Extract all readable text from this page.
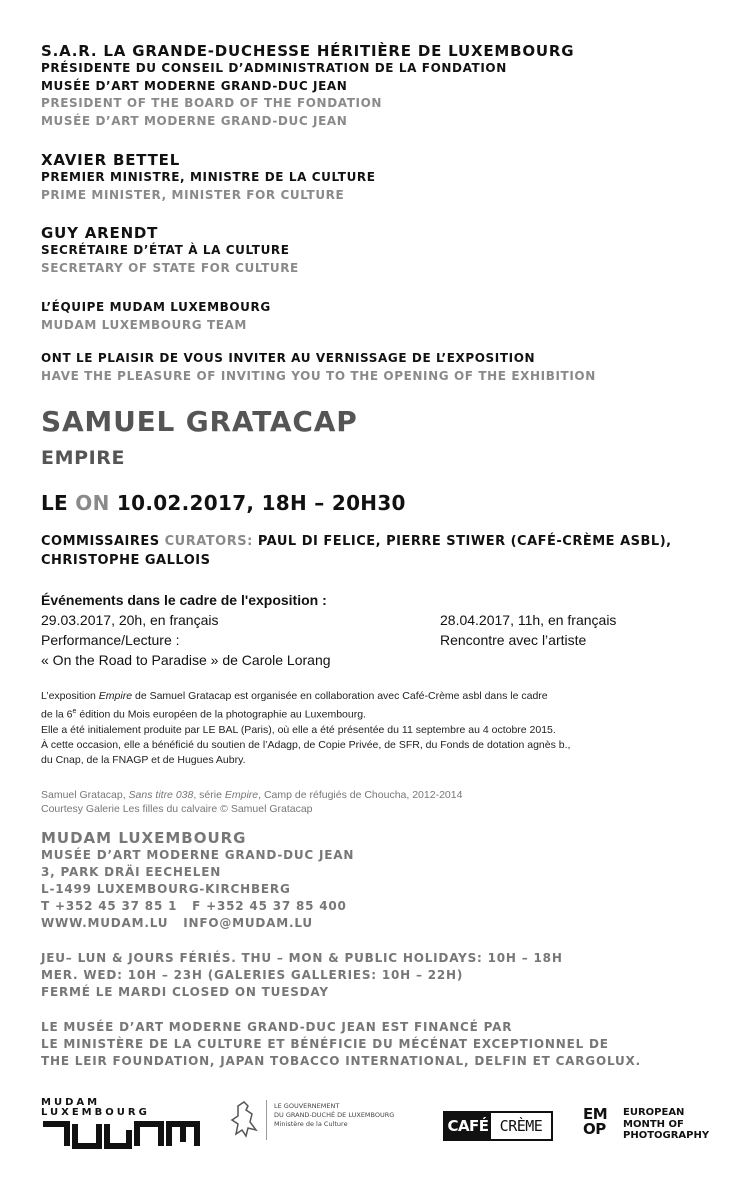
S.A.R. LA GRANDE-DUCHESSE HÉRITIÈRE DE LUXEMBOURG
PRÉSIDENTE DU CONSEIL D’ADMINISTRATION DE LA FONDATION
MUSÉE D’ART MODERNE GRAND-DUC JEAN
PRESIDENT OF THE BOARD OF THE FONDATION
MUSÉE D’ART MODERNE GRAND-DUC JEAN
XAVIER BETTEL
PREMIER MINISTRE, MINISTRE DE LA CULTURE
PRIME MINISTER, MINISTER FOR CULTURE
GUY ARENDT
SECRÉTAIRE D’ÉTAT À LA CULTURE
SECRETARY OF STATE FOR CULTURE
L’ÉQUIPE MUDAM LUXEMBOURG
MUDAM LUXEMBOURG TEAM
ONT LE PLAISIR DE VOUS INVITER AU VERNISSAGE DE L’EXPOSITION
HAVE THE PLEASURE OF INVITING YOU TO THE OPENING OF THE EXHIBITION
SAMUEL GRATACAP
EMPIRE
LE ON 10.02.2017, 18H – 20H30
COMMISSAIRES CURATORS: PAUL DI FELICE, PIERRE STIWER (CAFÉ-CRÈME ASBL),
CHRISTOPHE GALLOIS
Événements dans le cadre de l'exposition :
29.03.2017, 20h, en français
Performance/Lecture :
« On the Road to Paradise » de Carole Lorang
28.04.2017, 11h, en français
Rencontre avec l’artiste
L’exposition Empire de Samuel Gratacap est organisée en collaboration avec Café-Crème asbl dans le cadre
de la 6e édition du Mois européen de la photographie au Luxembourg.
Elle a été initialement produite par LE BAL (Paris), où elle a été présentée du 11 septembre au 4 octobre 2015.
À cette occasion, elle a bénéficié du soutien de l’Adagp, de Copie Privée, de SFR, du Fonds de dotation agnès b.,
du Cnap, de la FNAGP et de Hugues Aubry.
Samuel Gratacap, Sans titre 038, série Empire, Camp de réfugiés de Choucha, 2012-2014
Courtesy Galerie Les filles du calvaire © Samuel Gratacap
MUDAM LUXEMBOURG
MUSÉE D’ART MODERNE GRAND-DUC JEAN
3, PARK DRÄI EECHELEN
L-1499 LUXEMBOURG-KIRCHBERG
T +352 45 37 85 1   F +352 45 37 85 400
WWW.MUDAM.LU   INFO@MUDAM.LU
JEU– LUN & JOURS FÉRIÉS. THU – MON & PUBLIC HOLIDAYS: 10H – 18H
MER. WED: 10H – 23H (GALERIES GALLERIES: 10H – 22H)
FERMÉ LE MARDI CLOSED ON TUESDAY
LE MUSÉE D’ART MODERNE GRAND-DUC JEAN EST FINANCÉ PAR
LE MINISTÈRE DE LA CULTURE ET BÉNÉFICIE DU MÉCÉNAT EXCEPTIONNEL DE
THE LEIR FOUNDATION, JAPAN TOBACCO INTERNATIONAL, DELFIN ET CARGOLUX.
MUDAM
LUXEMBOURG
LE GOUVERNEMENT
DU GRAND-DUCHÉ DE LUXEMBOURG
Ministère de la Culture	CAFÉ CRÈME
EM
OP
EUROPEAN
MONTH OF
PHOTOGRAPHY
